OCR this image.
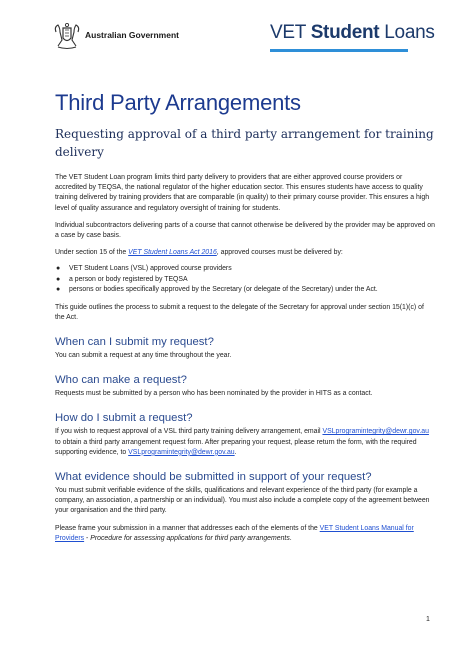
Australian Government	VET Student Loans
Third Party Arrangements
Requesting approval of a third party arrangement for training delivery

The VET Student Loan program limits third party delivery to providers that are either approved course providers or accredited by TEQSA, the national regulator of the higher education sector. This ensures students have access to quality training delivered by training providers that are comparable (in quality) to their primary course provider. This ensures a high level of quality assurance and regulatory oversight of training for students.

Individual subcontractors delivering parts of a course that cannot otherwise be delivered by the provider may be approved on a case by case basis.

Under section 15 of the VET Student Loans Act 2016, approved courses must be delivered by:

● VET Student Loans (VSL) approved course providers
● a person or body registered by TEQSA
● persons or bodies specifically approved by the Secretary (or delegate of the Secretary) under the Act.

This guide outlines the process to submit a request to the delegate of the Secretary for approval under section 15(1)(c) of the Act.

When can I submit my request?

You can submit a request at any time throughout the year.

Who can make a request?

Requests must be submitted by a person who has been nominated by the provider in HITS as a contact.

How do I submit a request?

If you wish to request approval of a VSL third party training delivery arrangement, email VSLprogramintegrity@dewr.gov.au to obtain a third party arrangement request form. After preparing your request, please return the form, with the required supporting evidence, to VSLprogramintegrity@dewr.gov.au.

What evidence should be submitted in support of your request?

You must submit verifiable evidence of the skills, qualifications and relevant experience of the third party (for example a company, an association, a partnership or an individual). You must also include a complete copy of the agreement between your organisation and the third party.

Please frame your submission in a manner that addresses each of the elements of the VET Student Loans Manual for Providers - Procedure for assessing applications for third party arrangements.

1
